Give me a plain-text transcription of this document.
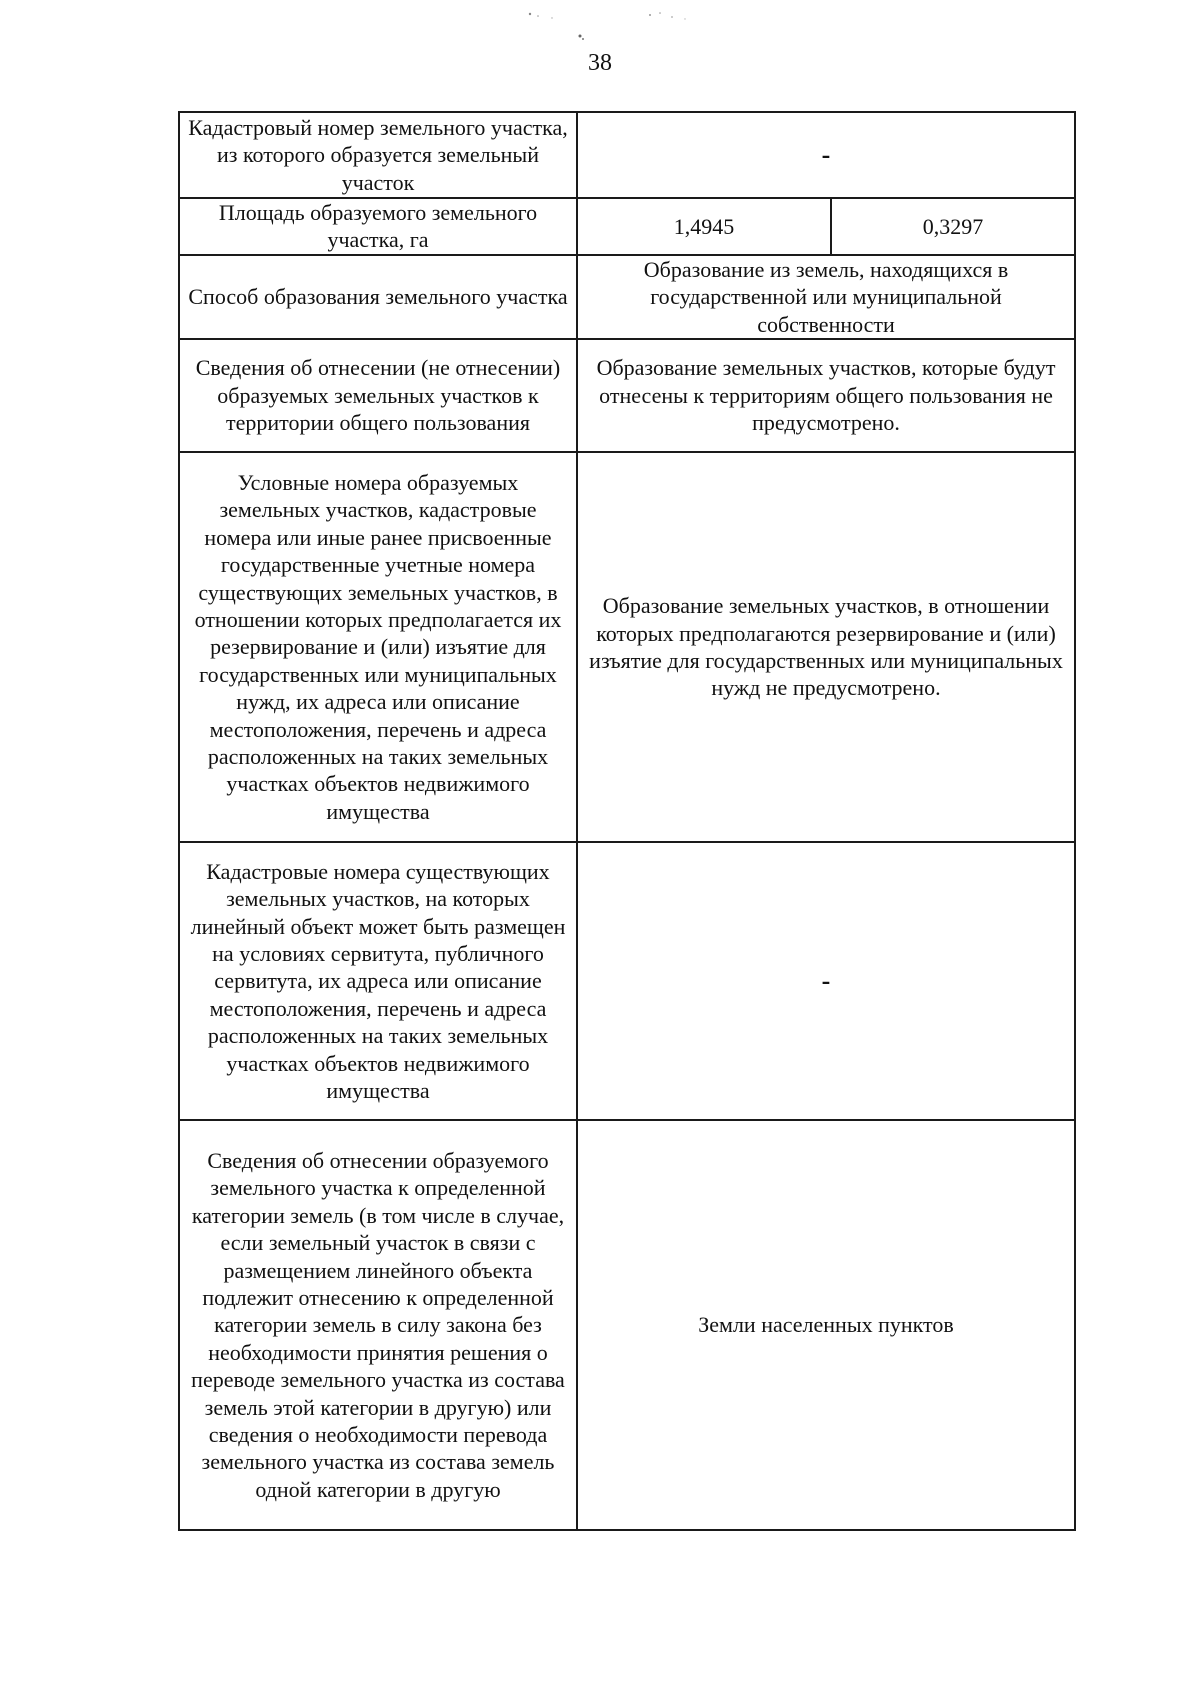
38
Кадастровый номер земельного участка, из которого образуется земельный участок	-	
Площадь образуемого земельного участка, га	1,4945	0,3297
Способ образования земельного участка	Образование из земель, находящихся в государственной или муниципальной собственности	
Сведения об отнесении (не отнесении) образуемых земельных участков к территории общего пользования	Образование земельных участков, которые будут отнесены к территориям общего пользования не предусмотрено.	
Условные номера образуемых земельных участков, кадастровые номера или иные ранее присвоенные государственные учетные номера существующих земельных участков, в отношении которых предполагается их резервирование и (или) изъятие для государственных или муниципальных нужд, их адреса или описание местоположения, перечень и адреса расположенных на таких земельных участках объектов недвижимого имущества	Образование земельных участков, в отношении которых предполагаются резервирование и (или) изъятие для государственных или муниципальных нужд не предусмотрено.	
Кадастровые номера существующих земельных участков, на которых линейный объект может быть размещен на условиях сервитута, публичного сервитута, их адреса или описание местоположения, перечень и адреса расположенных на таких земельных участках объектов недвижимого имущества	-	
Сведения об отнесении образуемого земельного участка к определенной категории земель (в том числе в случае, если земельный участок в связи с размещением линейного объекта подлежит отнесению к определенной категории земель в силу закона без необходимости принятия решения о переводе земельного участка из состава земель этой категории в другую) или сведения о необходимости перевода земельного участка из состава земель одной категории в другую	Земли населенных пунктов	
